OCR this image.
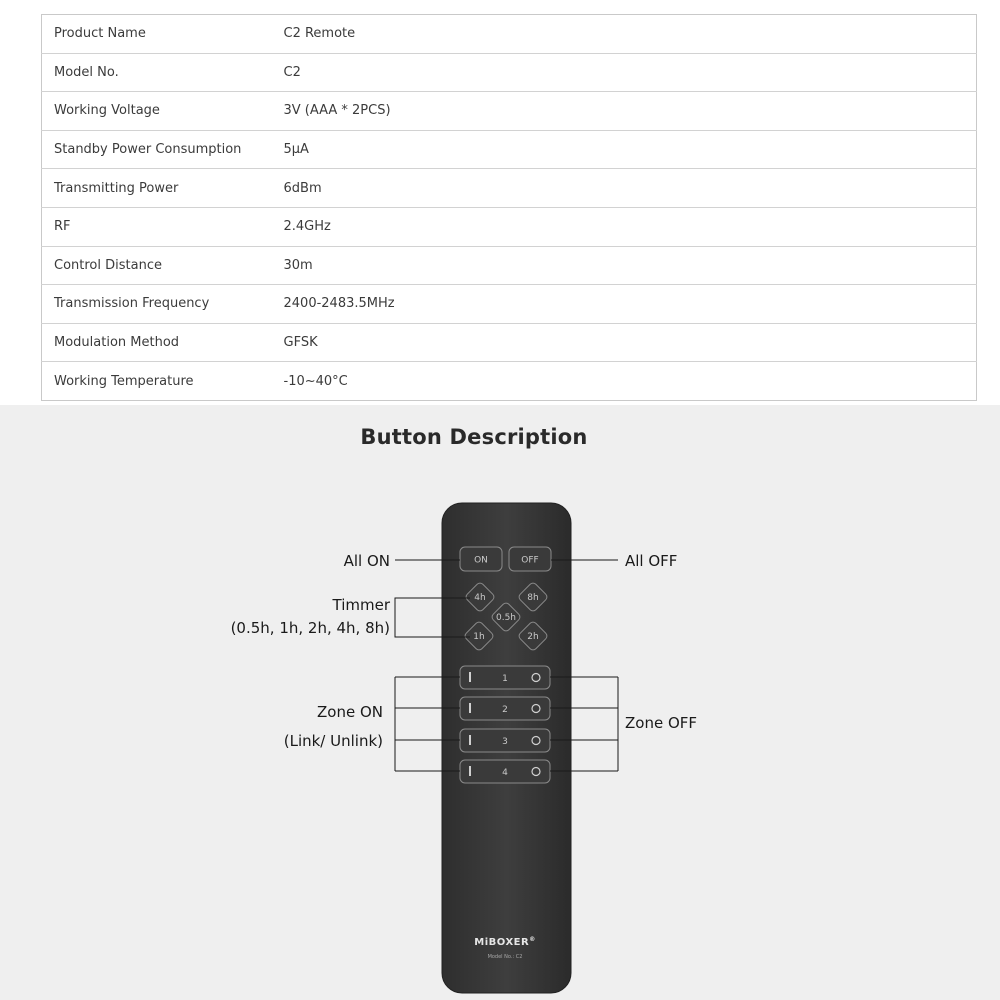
Product Name	C2 Remote
Model No.	C2
Working Voltage	3V (AAA * 2PCS)
Standby Power Consumption	5μA
Transmitting Power	6dBm
RF	2.4GHz
Control Distance	30m
Transmission Frequency	2400-2483.5MHz
Modulation Method	GFSK
Working Temperature	-10~40°C
Button Description
ON	OFF
4h	8h
0.5h
1h	2h
1
2
3
4
MiBOXER®
Model No.: C2
All ON	All OFF
Timmer
(0.5h, 1h, 2h, 4h, 8h)
Zone ON
(Link/ Unlink)
Zone OFF
